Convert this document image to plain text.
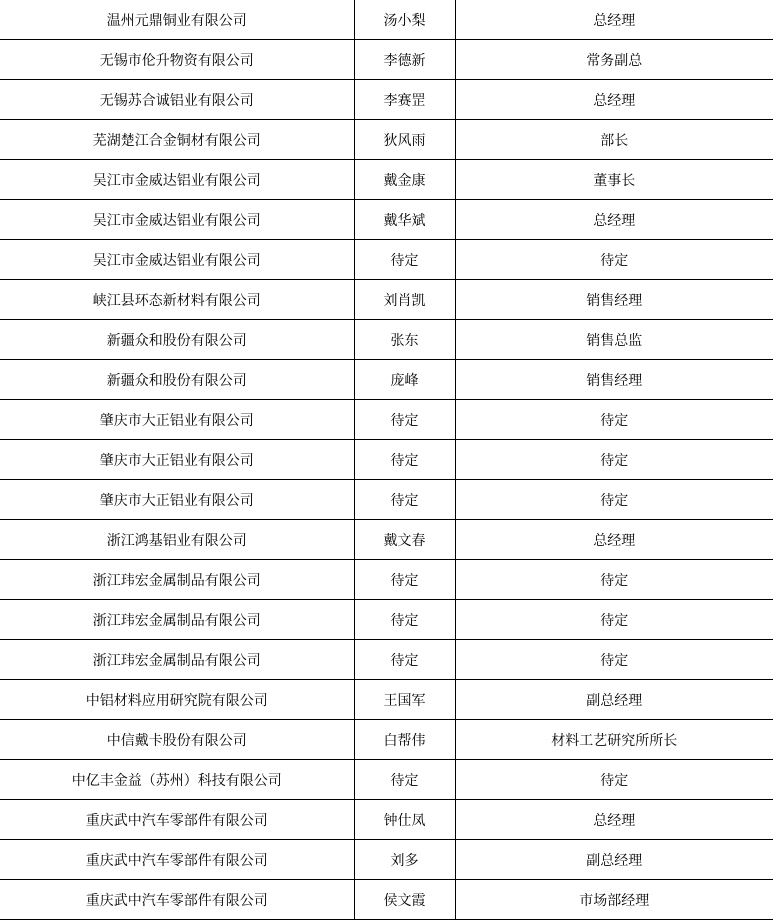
温州元鼎铜业有限公司	汤小梨	总经理
无锡市伦升物资有限公司	李德新	常务副总
无锡苏合诚铝业有限公司	李赛罡	总经理
芜湖楚江合金铜材有限公司	狄风雨	部长
吴江市金威达铝业有限公司	戴金康	董事长
吴江市金威达铝业有限公司	戴华斌	总经理
吴江市金威达铝业有限公司	待定	待定
峡江县环态新材料有限公司	刘肖凯	销售经理
新疆众和股份有限公司	张东	销售总监
新疆众和股份有限公司	庞峰	销售经理
肇庆市大正铝业有限公司	待定	待定
肇庆市大正铝业有限公司	待定	待定
肇庆市大正铝业有限公司	待定	待定
浙江鸿基铝业有限公司	戴文春	总经理
浙江玮宏金属制品有限公司	待定	待定
浙江玮宏金属制品有限公司	待定	待定
浙江玮宏金属制品有限公司	待定	待定
中铝材料应用研究院有限公司	王国军	副总经理
中信戴卡股份有限公司	白帮伟	材料工艺研究所所长
中亿丰金益（苏州）科技有限公司	待定	待定
重庆武中汽车零部件有限公司	钟仕凤	总经理
重庆武中汽车零部件有限公司	刘多	副总经理
重庆武中汽车零部件有限公司	侯文霞	市场部经理
